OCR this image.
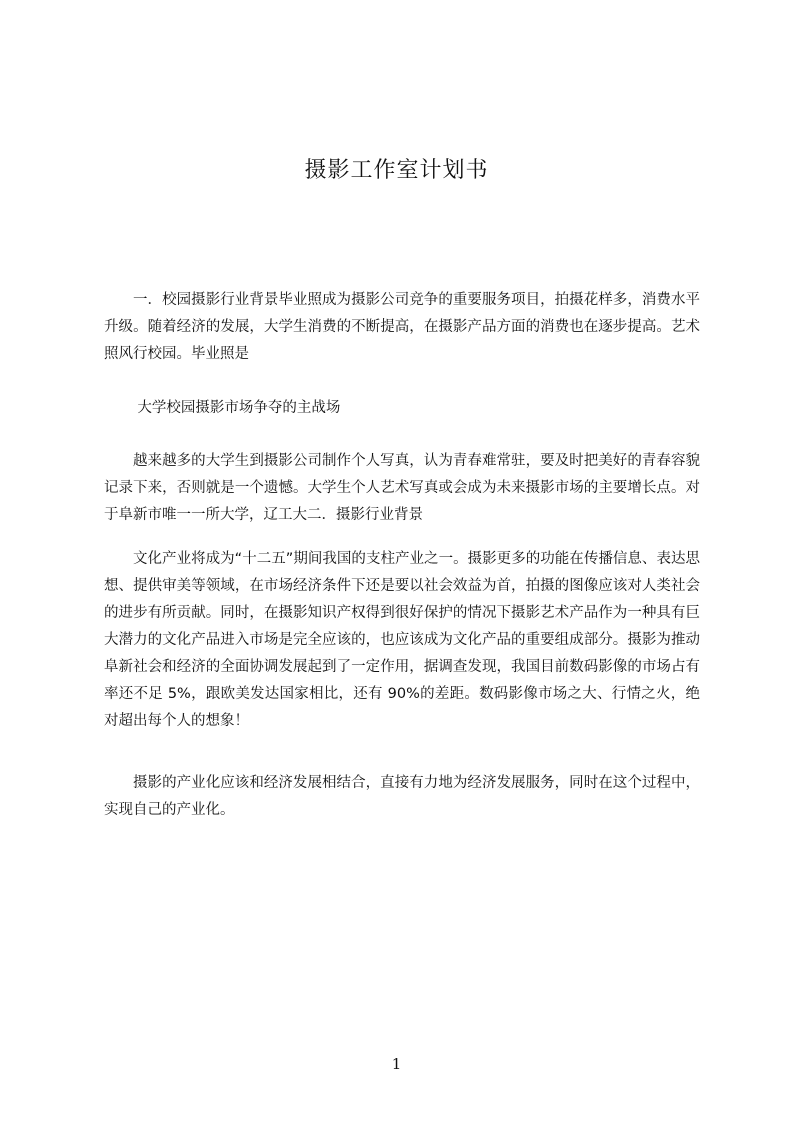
摄影工作室计划书

一．校园摄影行业背景毕业照成为摄影公司竞争的重要服务项目，拍摄花样多，消费水平升级。随着经济的发展，大学生消费的不断提高，在摄影产品方面的消费也在逐步提高。艺术照风行校园。毕业照是

大学校园摄影市场争夺的主战场

越来越多的大学生到摄影公司制作个人写真，认为青春难常驻，要及时把美好的青春容貌记录下来，否则就是一个遗憾。大学生个人艺术写真或会成为未来摄影市场的主要增长点。对于阜新市唯一一所大学，辽工大二．摄影行业背景

文化产业将成为“十二五”期间我国的支柱产业之一。摄影更多的功能在传播信息、表达思想、提供审美等领域，在市场经济条件下还是要以社会效益为首，拍摄的图像应该对人类社会的进步有所贡献。同时，在摄影知识产权得到很好保护的情况下摄影艺术产品作为一种具有巨大潜力的文化产品进入市场是完全应该的，也应该成为文化产品的重要组成部分。摄影为推动阜新社会和经济的全面协调发展起到了一定作用，据调查发现，我国目前数码影像的市场占有率还不足 5%，跟欧美发达国家相比，还有 90%的差距。数码影像市场之大、行情之火，绝对超出每个人的想象！

摄影的产业化应该和经济发展相结合，直接有力地为经济发展服务，同时在这个过程中，实现自己的产业化。

1
